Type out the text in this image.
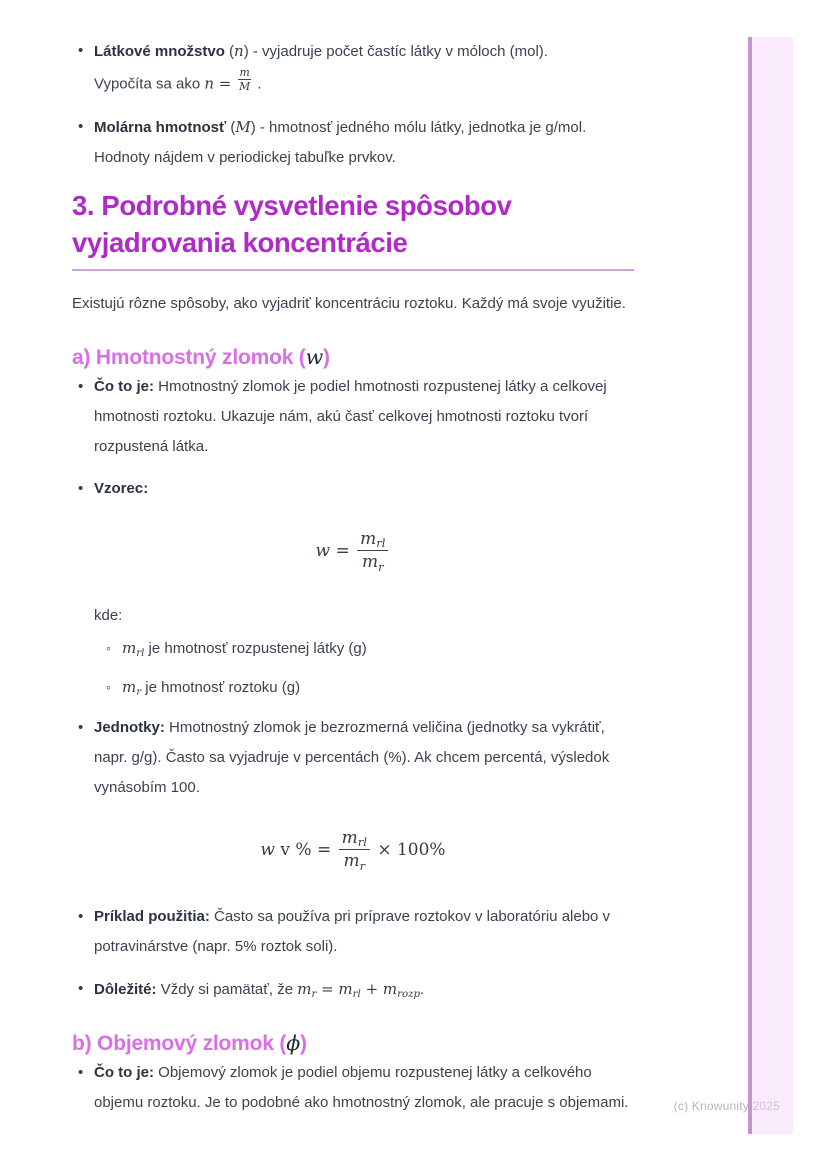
(c) Knowunity 2025
• Látkové množstvo (n) - vyjadruje počet častíc látky v móloch (mol).
Vypočíta sa ako $n = \frac{m}{M}$ .
• Molárna hmotnosť (M) - hmotnosť jedného mólu látky, jednotka je g/mol.
Hodnoty nájdem v periodickej tabuľke prvkov.
3. Podrobné vysvetlenie spôsobov
vyjadrovania koncentrácie

Existujú rôzne spôsoby, ako vyjadriť koncentráciu roztoku. Každý má svoje využitie.

a) Hmotnostný zlomok (w)
• Čo to je: Hmotnostný zlomok je podiel hmotnosti rozpustenej látky a celkovej hmotnosti roztoku. Ukazuje nám, akú časť celkovej hmotnosti roztoku tvorí rozpustená látka.
• Vzorec:
$w = \frac{m_{rl}}{m_r}$
kde:
◦ $m_{rl}$ je hmotnosť rozpustenej látky (g)
◦ $m_r$ je hmotnosť roztoku (g)
• Jednotky: Hmotnostný zlomok je bezrozmerná veličina (jednotky sa vykrátiť, napr. g/g). Často sa vyjadruje v percentách (%). Ak chcem percentá, výsledok vynásobím 100.
w v % = $\frac{m_{rl}}{m_r} \times 100\%$
• Príklad použitia: Často sa používa pri príprave roztokov v laboratóriu alebo v potravinárstve (napr. 5% roztok soli).
• Dôležité: Vždy si pamätať, že $m_r = m_{rl} + m_{rozp}$.
b) Objemový zlomok (ϕ)
• Čo to je: Objemový zlomok je podiel objemu rozpustenej látky a celkového objemu roztoku. Je to podobné ako hmotnostný zlomok, ale pracuje s objemami.
